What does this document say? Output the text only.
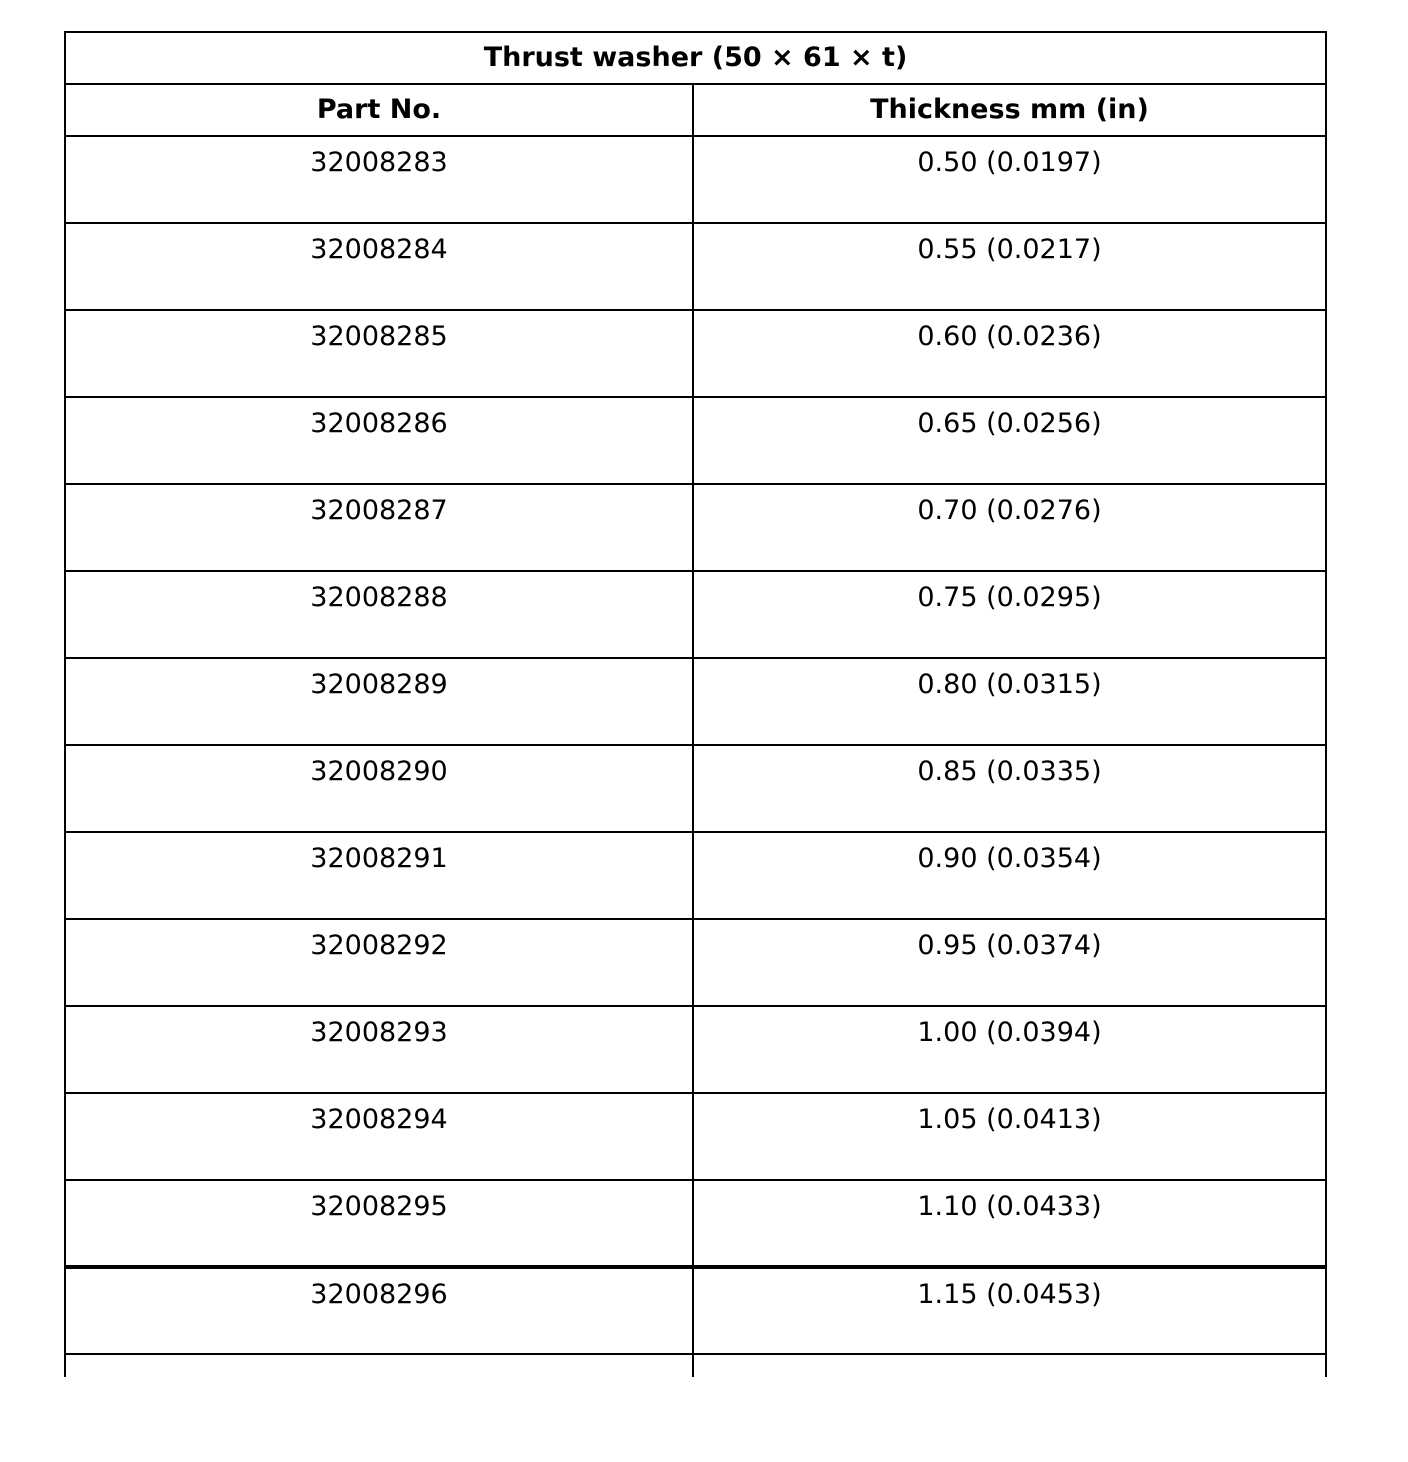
Thrust washer (50 × 61 × t)	
Part No.	Thickness mm (in)
32008283	0.50 (0.0197)
32008284	0.55 (0.0217)
32008285	0.60 (0.0236)
32008286	0.65 (0.0256)
32008287	0.70 (0.0276)
32008288	0.75 (0.0295)
32008289	0.80 (0.0315)
32008290	0.85 (0.0335)
32008291	0.90 (0.0354)
32008292	0.95 (0.0374)
32008293	1.00 (0.0394)
32008294	1.05 (0.0413)
32008295	1.10 (0.0433)
32008296	1.15 (0.0453)
